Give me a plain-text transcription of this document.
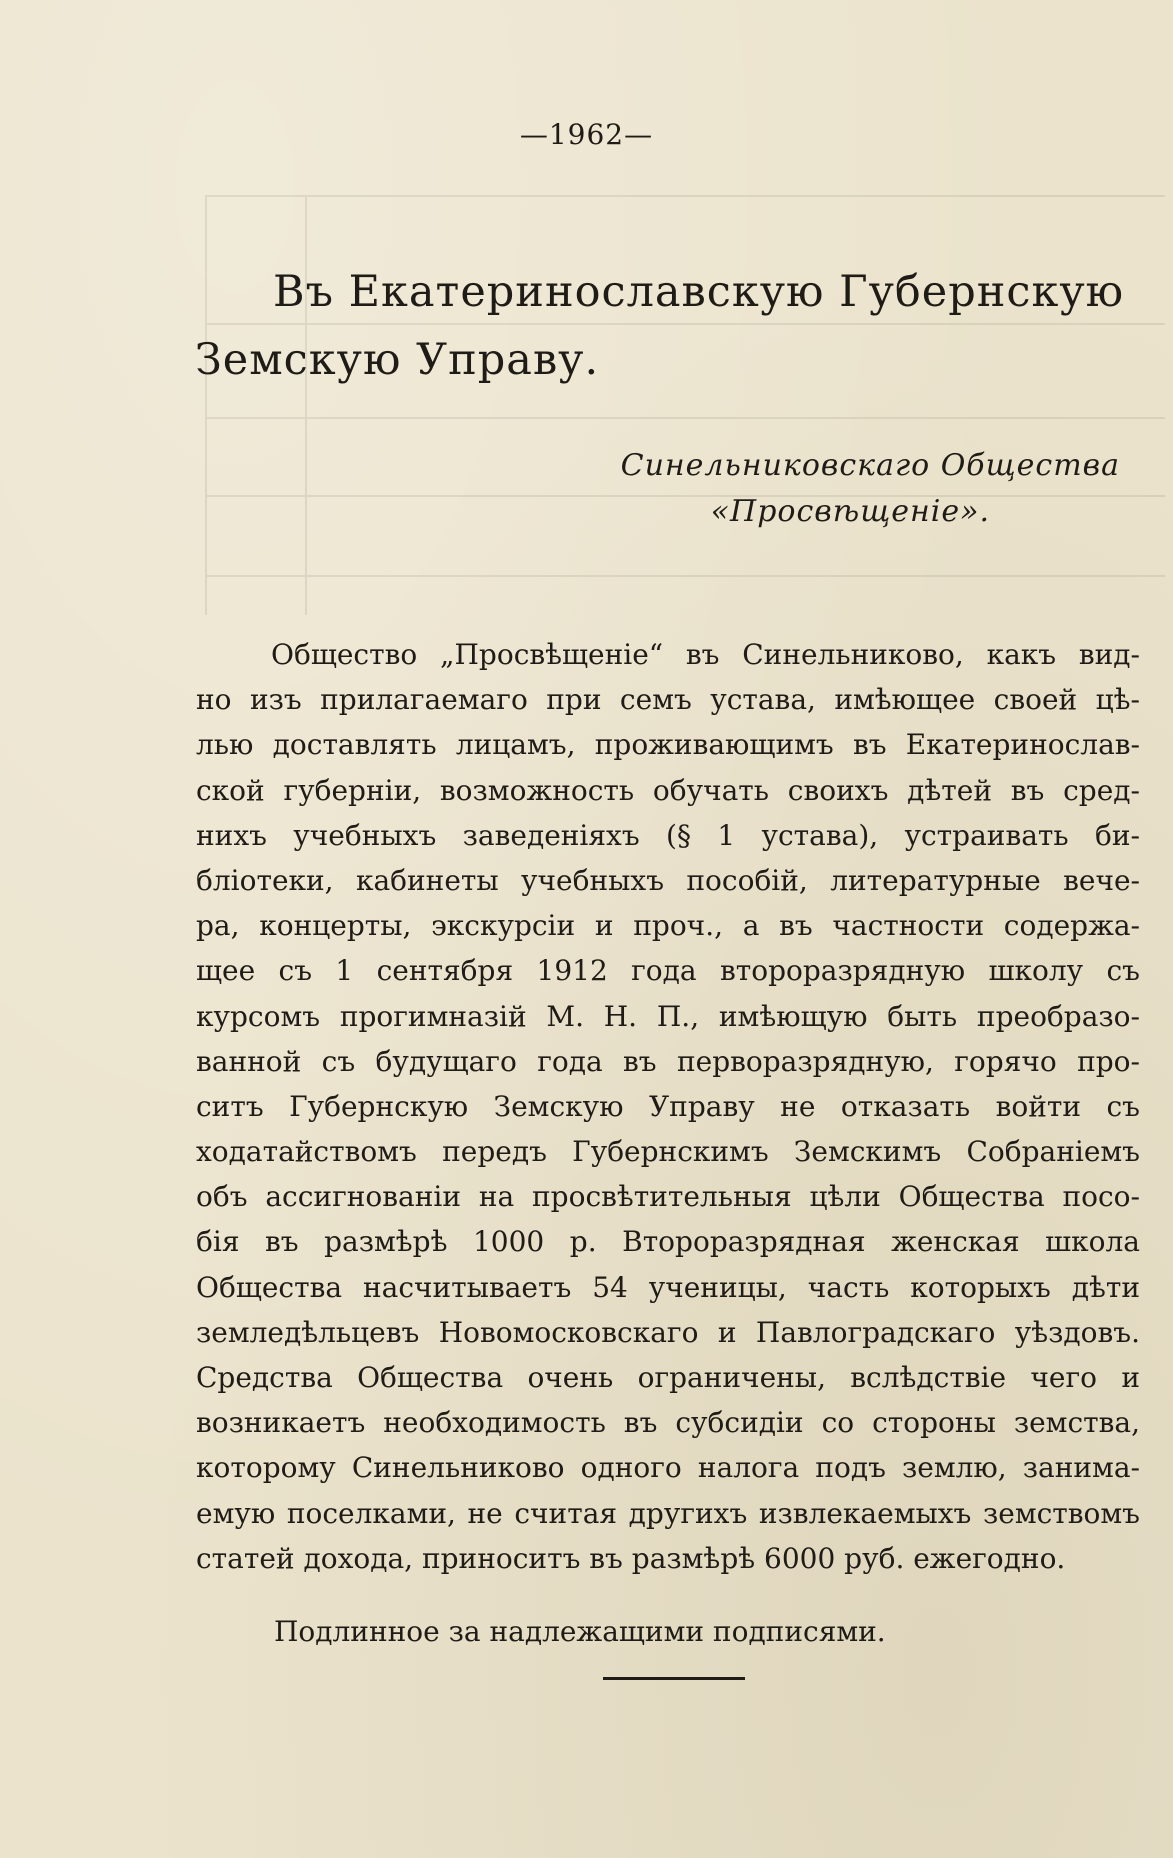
—1962—
Въ Екатеринославскую Губернскую
Земскую Управу.
Синельниковскаго Общества
«Просвѣщеніе».
Общество „Просвѣщеніе“ въ Синельниково, какъ вид-
но изъ прилагаемаго при семъ устава, имѣющее своей цѣ-
лью доставлять лицамъ, проживающимъ въ Екатеринослав-
ской губерніи, возможность обучать своихъ дѣтей въ сред-
нихъ учебныхъ заведеніяхъ (§ 1 устава), устраивать би-
бліотеки, кабинеты учебныхъ пособій, литературные вече-
ра, концерты, экскурсіи и проч., а въ частности содержа-
щее съ 1 сентября 1912 года второразрядную школу съ
курсомъ прогимназій М. Н. П., имѣющую быть преобразо-
ванной съ будущаго года въ перворазрядную, горячо про-
ситъ Губернскую Земскую Управу не отказать войти съ
ходатайствомъ передъ Губернскимъ Земскимъ Собраніемъ
объ ассигнованіи на просвѣтительныя цѣли Общества посо-
бія въ размѣрѣ 1000 р. Второразрядная женская школа
Общества насчитываетъ 54 ученицы, часть которыхъ дѣти
земледѣльцевъ Новомосковскаго и Павлоградскаго уѣздовъ.
Средства Общества очень ограничены, вслѣдствіе чего и
возникаетъ необходимость въ субсидіи со стороны земства,
которому Синельниково одного налога подъ землю, занима-
емую поселками, не считая другихъ извлекаемыхъ земствомъ
статей дохода, приноситъ въ размѣрѣ 6000 руб. ежегодно.
Подлинное за надлежащими подписями.
